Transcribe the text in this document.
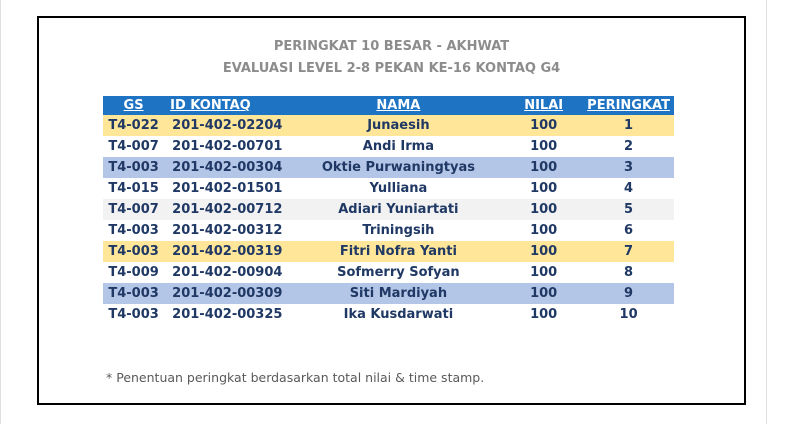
PERINGKAT 10 BESAR - AKHWAT
EVALUASI LEVEL 2-8 PEKAN KE-16 KONTAQ G4
GS	ID KONTAQ	NAMA	NILAI	PERINGKAT
T4-022	201-402-02204	Junaesih	100	1
T4-007	201-402-00701	Andi Irma	100	2
T4-003	201-402-00304	Oktie Purwaningtyas	100	3
T4-015	201-402-01501	Yulliana	100	4
T4-007	201-402-00712	Adiari Yuniartati	100	5
T4-003	201-402-00312	Triningsih	100	6
T4-003	201-402-00319	Fitri Nofra Yanti	100	7
T4-009	201-402-00904	Sofmerry Sofyan	100	8
T4-003	201-402-00309	Siti Mardiyah	100	9
T4-003	201-402-00325	Ika Kusdarwati	100	10
* Penentuan peringkat berdasarkan total nilai & time stamp.
